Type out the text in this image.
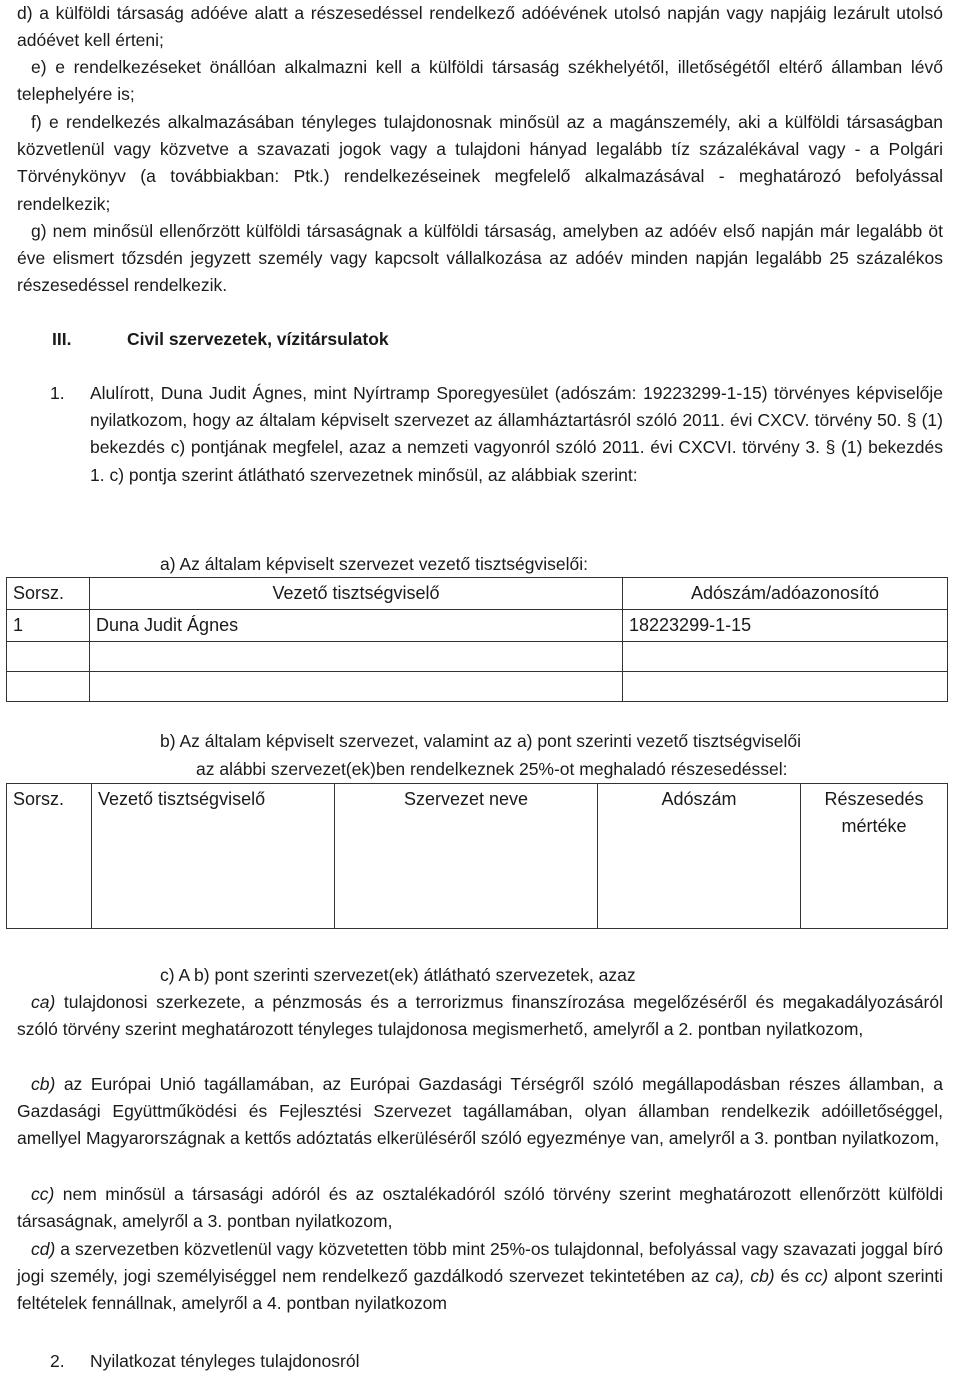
d) a külföldi társaság adóéve alatt a részesedéssel rendelkező adóévének utolsó napján vagy napjáig lezárult utolsó adóévet kell érteni;

e) e rendelkezéseket önállóan alkalmazni kell a külföldi társaság székhelyétől, illetőségétől eltérő államban lévő telephelyére is;

f) e rendelkezés alkalmazásában tényleges tulajdonosnak minősül az a magánszemély, aki a külföldi társaságban közvetlenül vagy közvetve a szavazati jogok vagy a tulajdoni hányad legalább tíz százalékával vagy - a Polgári Törvénykönyv (a továbbiakban: Ptk.) rendelkezéseinek megfelelő alkalmazásával - meghatározó befolyással rendelkezik;

g) nem minősül ellenőrzött külföldi társaságnak a külföldi társaság, amelyben az adóév első napján már legalább öt éve elismert tőzsdén jegyzett személy vagy kapcsolt vállalkozása az adóév minden napján legalább 25 százalékos részesedéssel rendelkezik.

III.	Civil szervezetek, vízitársulatok
1. Alulírott, Duna Judit Ágnes, mint Nyírtramp Sporegyesület (adószám: 19223299-1-15) törvényes képviselője nyilatkozom, hogy az általam képviselt szervezet az államháztartásról szóló 2011. évi CXCV. törvény 50. § (1) bekezdés c) pontjának megfelel, azaz a nemzeti vagyonról szóló 2011. évi CXCVI. törvény 3. § (1) bekezdés 1. c) pontja szerint átlátható szervezetnek minősül, az alábbiak szerint:
a) Az általam képviselt szervezet vezető tisztségviselői:
Sorsz.	Vezető tisztségviselő	Adószám/adóazonosító
1	Duna Judit Ágnes	18223299-1-15

b) Az általam képviselt szervezet, valamint az a) pont szerinti vezető tisztségviselői
az alábbi szervezet(ek)ben rendelkeznek 25%-ot meghaladó részesedéssel:
Sorsz.	Vezető tisztségviselő	Szervezet neve	Adószám	Részesedés mértéke
c) A b) pont szerinti szervezet(ek) átlátható szervezetek, azaz

ca) tulajdonosi szerkezete, a pénzmosás és a terrorizmus finanszírozása megelőzéséről és megakadályozásáról szóló törvény szerint meghatározott tényleges tulajdonosa megismerhető, amelyről a 2. pontban nyilatkozom,

cb) az Európai Unió tagállamában, az Európai Gazdasági Térségről szóló megállapodásban részes államban, a Gazdasági Együttműködési és Fejlesztési Szervezet tagállamában, olyan államban rendelkezik adóilletőséggel, amellyel Magyarországnak a kettős adóztatás elkerüléséről szóló egyezménye van, amelyről a 3. pontban nyilatkozom,

cc) nem minősül a társasági adóról és az osztalékadóról szóló törvény szerint meghatározott ellenőrzött külföldi társaságnak, amelyről a 3. pontban nyilatkozom,

cd) a szervezetben közvetlenül vagy közvetetten több mint 25%-os tulajdonnal, befolyással vagy szavazati joggal bíró jogi személy, jogi személyiséggel nem rendelkező gazdálkodó szervezet tekintetében az ca), cb) és cc) alpont szerinti feltételek fennállnak, amelyről a 4. pontban nyilatkozom

2. Nyilatkozat tényleges tulajdonosról
